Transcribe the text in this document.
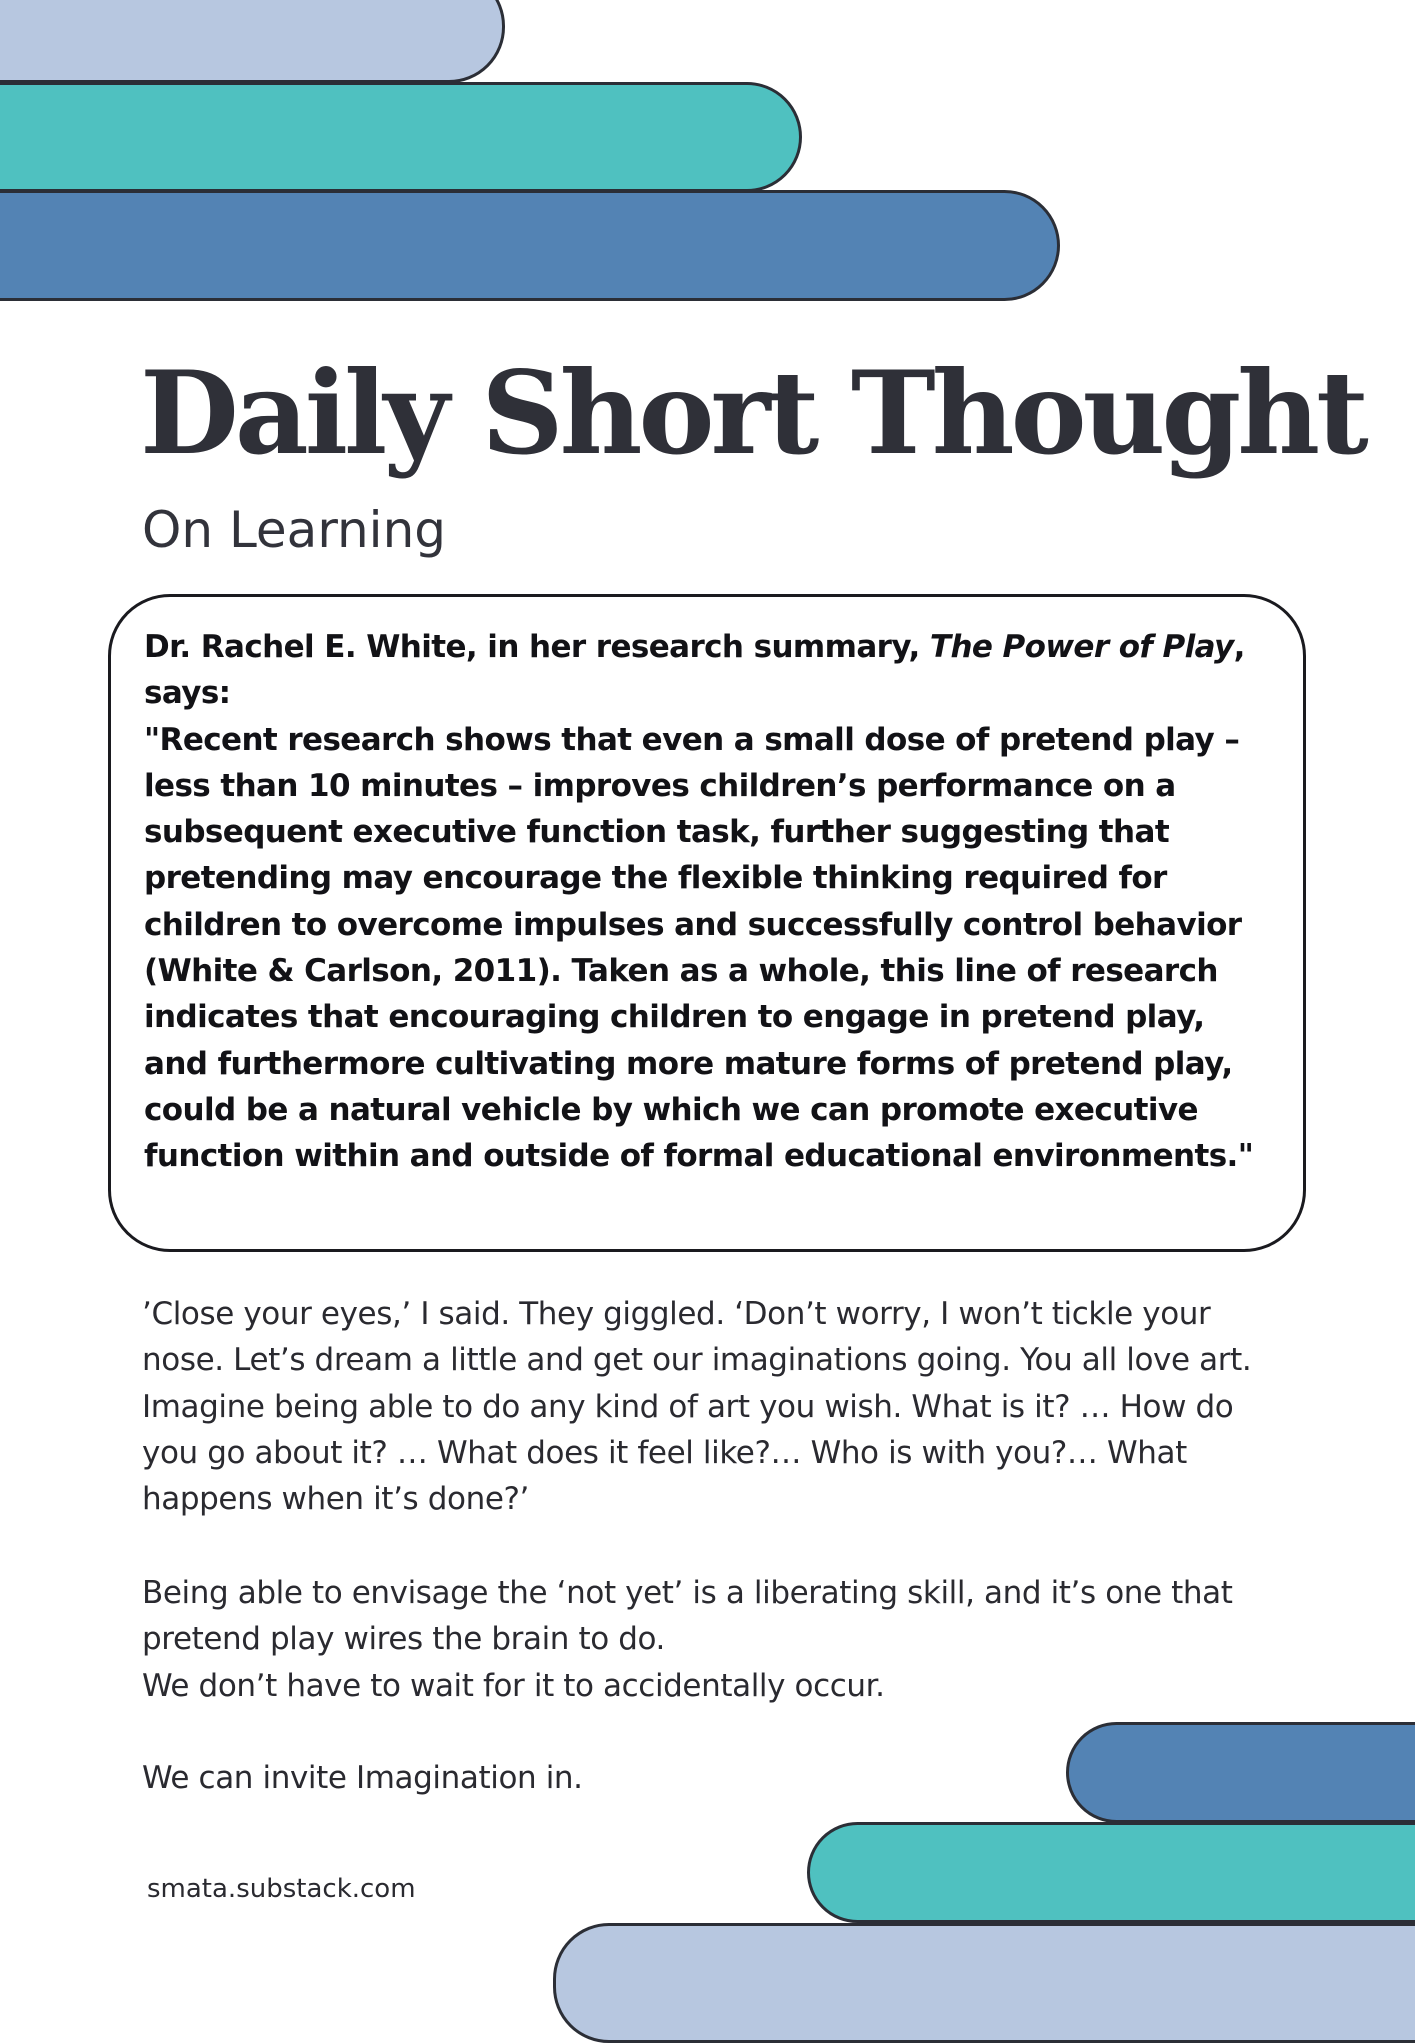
Daily Short Thought
On Learning

Dr. Rachel E. White, in her research summary, The Power of Play, says:

"Recent research shows that even a small dose of pretend play – less than 10 minutes – improves children’s performance on a subsequent executive function task, further suggesting that pretending may encourage the flexible thinking required for children to overcome impulses and successfully control behavior (White & Carlson, 2011). Taken as a whole, this line of research indicates that encouraging children to engage in pretend play, and furthermore cultivating more mature forms of pretend play, could be a natural vehicle by which we can promote executive function within and outside of formal educational environments."

’Close your eyes,’ I said. They giggled. ‘Don’t worry, I won’t tickle your nose. Let’s dream a little and get our imaginations going. You all love art. Imagine being able to do any kind of art you wish. What is it? … How do you go about it? … What does it feel like?… Who is with you?… What happens when it’s done?’

Being able to envisage the ‘not yet’ is a liberating skill, and it’s one that pretend play wires the brain to do.

We don’t have to wait for it to accidentally occur.

We can invite Imagination in.

smata.substack.com
